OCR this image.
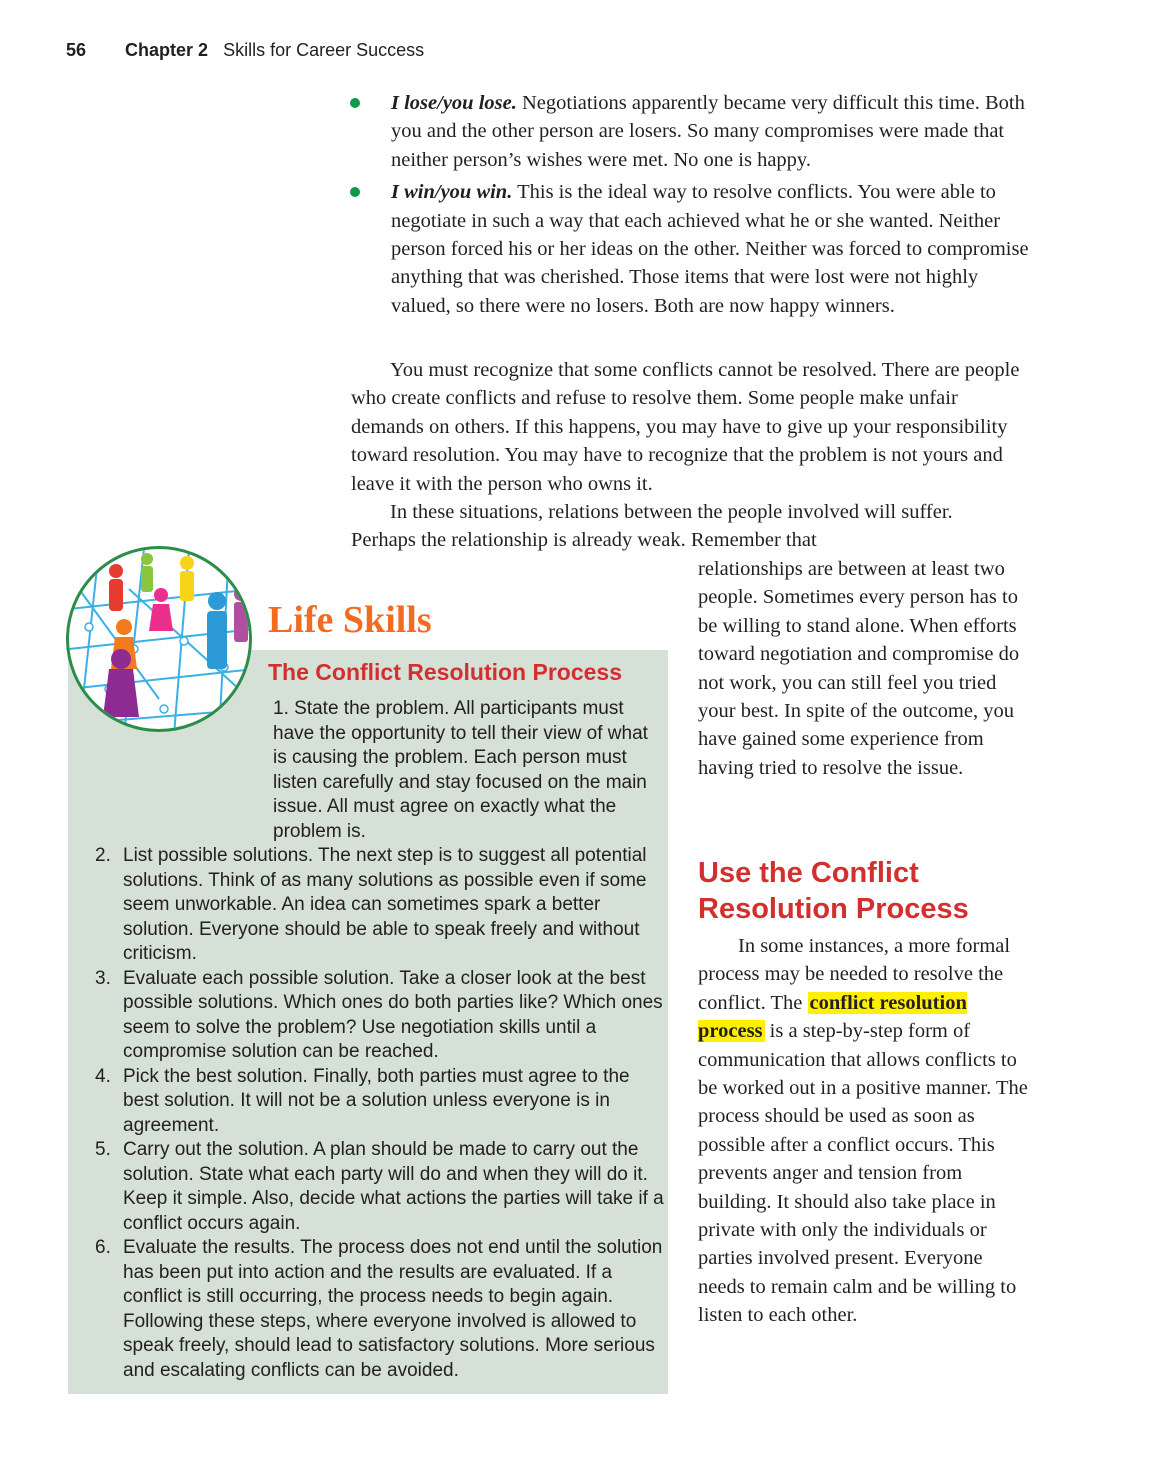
56 Chapter 2 Skills for Career Success
I lose/you lose. Negotiations apparently became very difficult this time. Both you and the other person are losers. So many compromises were made that neither person’s wishes were met. No one is happy.
I win/you win. This is the ideal way to resolve conflicts. You were able to negotiate in such a way that each achieved what he or she wanted. Neither person forced his or her ideas on the other. Neither was forced to compromise anything that was cherished. Those items that were lost were not highly valued, so there were no losers. Both are now happy winners.

You must recognize that some conflicts cannot be resolved. There are people who create conflicts and refuse to resolve them. Some people make unfair demands on others. If this happens, you may have to give up your responsibility toward resolution. You may have to recognize that the problem is not yours and leave it with the person who owns it.

In these situations, relations between the people involved will suffer. Perhaps the relationship is already weak. Remember that

relationships are between at least two people. Sometimes every person has to be willing to stand alone. When efforts toward negotiation and compromise do not work, you can still feel you tried your best. In spite of the outcome, you have gained some experience from having tried to resolve the issue.

Use the Conflict Resolution Process

In some instances, a more formal process may be needed to resolve the conflict. The conflict resolution process is a step-by-step form of communication that allows conflicts to be worked out in a positive manner. The process should be used as soon as possible after a conflict occurs. This prevents anger and tension from building. It should also take place in private with only the individuals or parties involved present. Everyone needs to remain calm and be willing to listen to each other.

Life Skills
The Conflict Resolution Process
1. State the problem. All participants must have the opportunity to tell their view of what is causing the problem. Each person must listen carefully and stay focused on the main issue. All must agree on exactly what the problem is.
2. List possible solutions. The next step is to suggest all potential solutions. Think of as many solutions as possible even if some seem unworkable. An idea can sometimes spark a better solution. Everyone should be able to speak freely and without criticism.
3. Evaluate each possible solution. Take a closer look at the best possible solutions. Which ones do both parties like? Which ones seem to solve the problem? Use negotiation skills until a compromise solution can be reached.
4. Pick the best solution. Finally, both parties must agree to the best solution. It will not be a solution unless everyone is in agreement.
5. Carry out the solution. A plan should be made to carry out the solution. State what each party will do and when they will do it. Keep it simple. Also, decide what actions the parties will take if a conflict occurs again.
6. Evaluate the results. The process does not end until the solution has been put into action and the results are evaluated. If a conflict is still occurring, the process needs to begin again. Following these steps, where everyone involved is allowed to speak freely, should lead to satisfactory solutions. More serious and escalating conflicts can be avoided.
